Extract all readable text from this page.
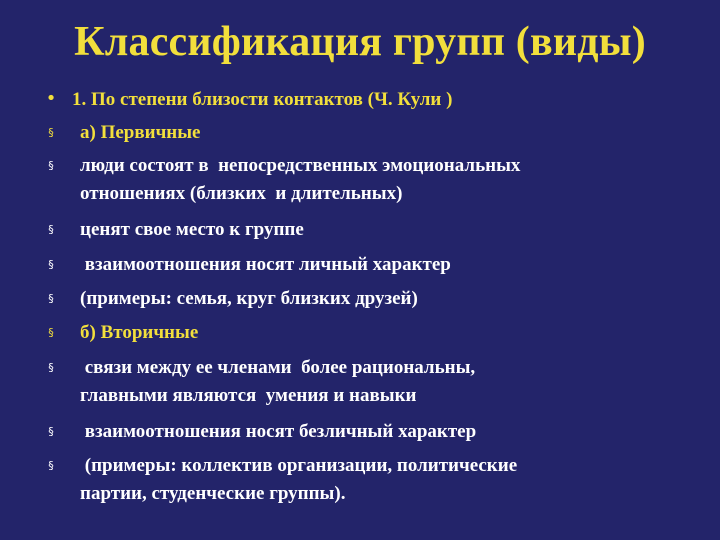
Классификация групп (виды)
• 1. По степени близости контактов (Ч. Кули )
§ а) Первичные
§ люди состоят в  непосредственных эмоциональных
отношениях (близких  и длительных)
§ ценят свое место к группе
§ взаимоотношения носят личный характер
§ (примеры: семья, круг близких друзей)
§ б) Вторичные
§ связи между ее членами  более рациональны,
главными являются  умения и навыки
§ взаимоотношения носят безличный характер
§ (примеры: коллектив организации, политические
партии, студенческие группы).
